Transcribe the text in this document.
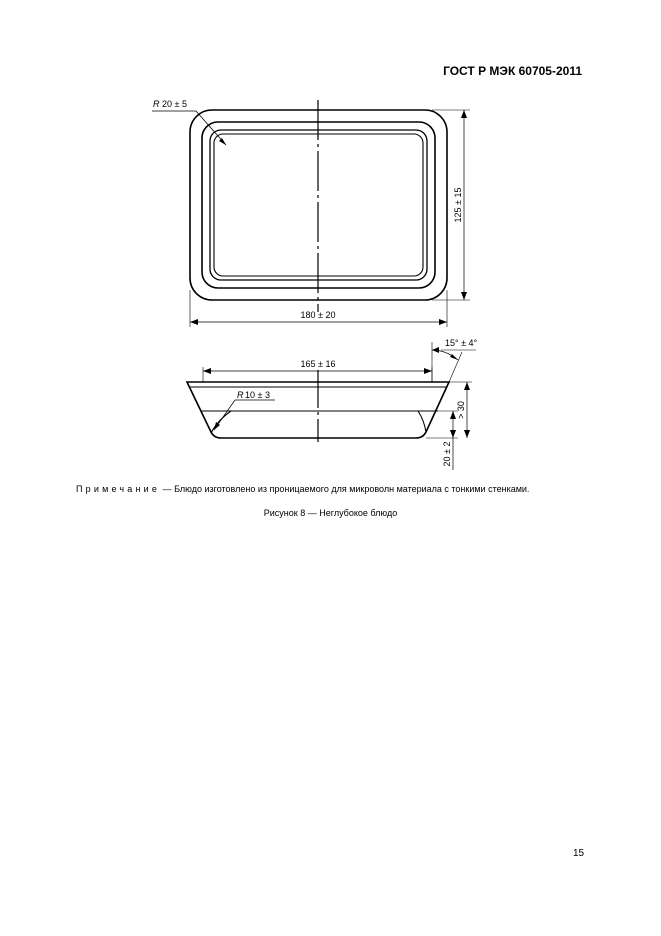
ГОСТ Р МЭК 60705-2011
R 20 ± 5
125 ± 15
180 ± 20
15° ± 4°
165 ± 16
R 10 ± 3
> 30
20 ± 2
Примечание — Блюдо изготовлено из проницаемого для микроволн материала с тонкими стенками.
Рисунок 8 — Неглубокое блюдо
15
